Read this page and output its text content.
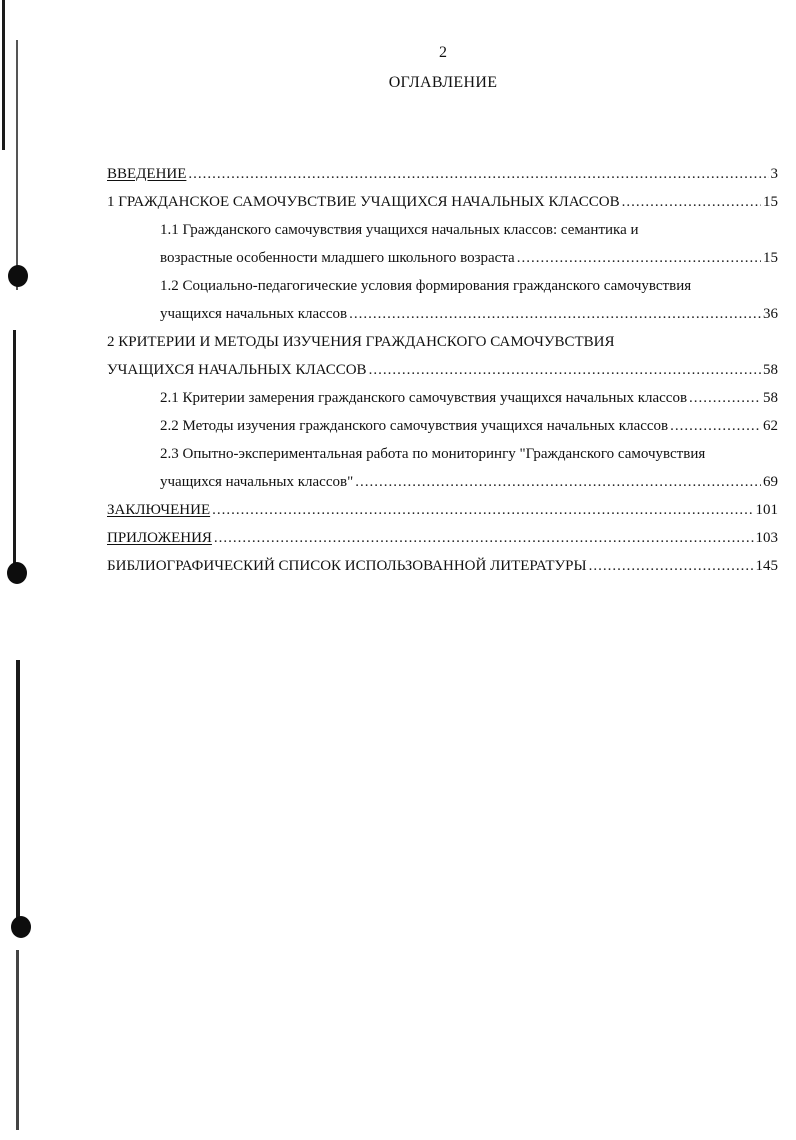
2
ОГЛАВЛЕНИЕ
ВВЕДЕНИЕ .....	3
1 ГРАЖДАНСКОЕ САМОЧУВСТВИЕ УЧАЩИХСЯ НАЧАЛЬНЫХ КЛАССОВ .....	15
1.1 Гражданского самочувствия учащихся начальных классов: семантика и
возрастные особенности младшего школьного возраста .....	15
1.2 Социально-педагогические условия формирования гражданского самочувствия
учащихся начальных классов .....	36
2 КРИТЕРИИ И МЕТОДЫ ИЗУЧЕНИЯ ГРАЖДАНСКОГО САМОЧУВСТВИЯ
УЧАЩИХСЯ НАЧАЛЬНЫХ КЛАССОВ .....	58
2.1 Критерии замерения гражданского самочувствия учащихся начальных классов .....	58
2.2 Методы изучения гражданского самочувствия учащихся начальных классов .....	62
2.3 Опытно-экспериментальная работа по мониторингу "Гражданского самочувствия
учащихся начальных классов" .....	69
ЗАКЛЮЧЕНИЕ .....	101
ПРИЛОЖЕНИЯ .....	103
БИБЛИОГРАФИЧЕСКИЙ СПИСОК ИСПОЛЬЗОВАННОЙ ЛИТЕРАТУРЫ .....	145
